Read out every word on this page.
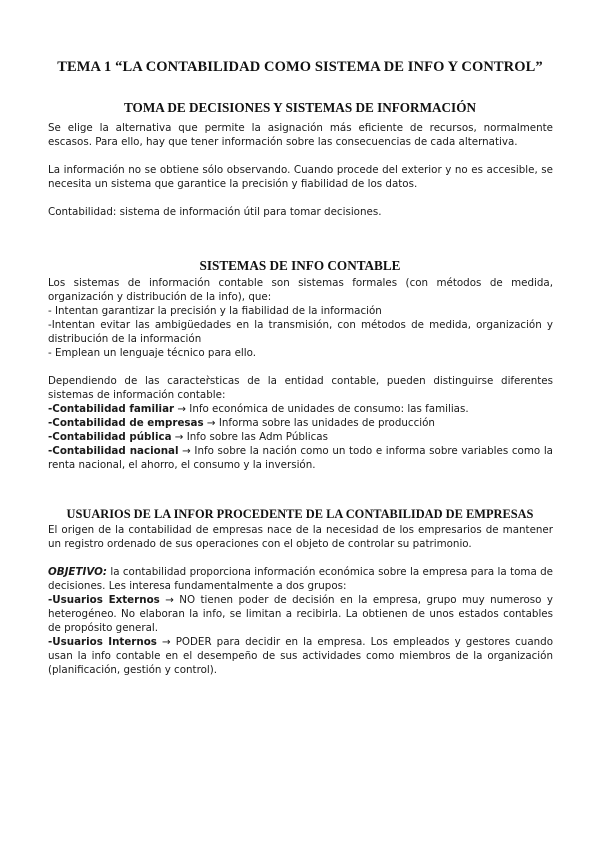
TEMA 1 “LA CONTABILIDAD COMO SISTEMA DE INFO Y CONTROL”
TOMA DE DECISIONES Y SISTEMAS DE INFORMACIÓN

Se elige la alternativa que permite la asignación más eficiente de recursos, normalmente escasos. Para ello, hay que tener información sobre las consecuencias de cada alternativa.

La información no se obtiene sólo observando. Cuando procede del exterior y no es accesible, se necesita un sistema que garantice la precisión y fiabilidad de los datos.

Contabilidad: sistema de información útil para tomar decisiones.

SISTEMAS DE INFO CONTABLE

Los sistemas de información contable son sistemas formales (con métodos de medida, organización y distribución de la info), que:

- Intentan garantizar la precisión y la fiabilidad de la información

-Intentan evitar las ambigüedades en la transmisión, con métodos de medida, organización y distribución de la información

- Emplean un lenguaje técnico para ello.

Dependiendo de las caracter̀sticas de la entidad contable, pueden distinguirse diferentes sistemas de información contable:

-Contabilidad familiar → Info económica de unidades de consumo: las familias.

-Contabilidad de empresas → Informa sobre las unidades de producción

-Contabilidad pública → Info sobre las Adm Públicas

-Contabilidad nacional → Info sobre la nación como un todo e informa sobre variables como la renta nacional, el ahorro, el consumo y la inversión.

USUARIOS DE LA INFOR PROCEDENTE DE LA CONTABILIDAD DE EMPRESAS

El origen de la contabilidad de empresas nace de la necesidad de los empresarios de mantener un registro ordenado de sus operaciones con el objeto de controlar su patrimonio.

OBJETIVO: la contabilidad proporciona información económica sobre la empresa para la toma de decisiones. Les interesa fundamentalmente a dos grupos:

-Usuarios Externos → NO tienen poder de decisión en la empresa, grupo muy numeroso y heterogéneo. No elaboran la info, se limitan a recibirla. La obtienen de unos estados contables de propósito general.

-Usuarios Internos → PODER para decidir en la empresa. Los empleados y gestores cuando usan la info contable en el desempeño de sus actividades como miembros de la organización (planificación, gestión y control).
